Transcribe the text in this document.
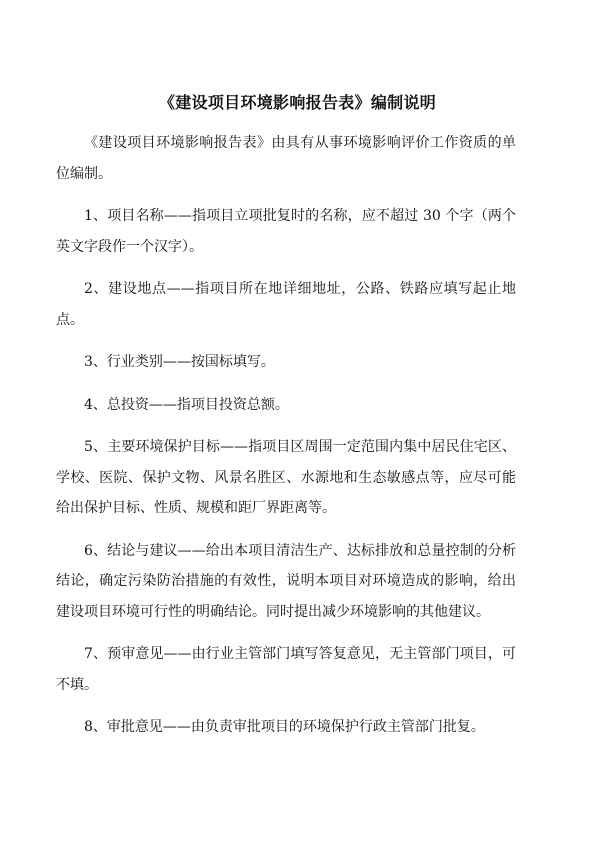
《建设项目环境影响报告表》编制说明

《建设项目环境影响报告表》由具有从事环境影响评价工作资质的单位编制。

1、项目名称——指项目立项批复时的名称，应不超过 30 个字（两个英文字段作一个汉字）。

2、建设地点——指项目所在地详细地址，公路、铁路应填写起止地点。

3、行业类别——按国标填写。

4、总投资——指项目投资总额。

5、主要环境保护目标——指项目区周围一定范围内集中居民住宅区、学校、医院、保护文物、风景名胜区、水源地和生态敏感点等，应尽可能给出保护目标、性质、规模和距厂界距离等。

6、结论与建议——给出本项目清洁生产、达标排放和总量控制的分析结论，确定污染防治措施的有效性，说明本项目对环境造成的影响，给出建设项目环境可行性的明确结论。同时提出减少环境影响的其他建议。

7、预审意见——由行业主管部门填写答复意见，无主管部门项目，可不填。

8、审批意见——由负责审批项目的环境保护行政主管部门批复。
